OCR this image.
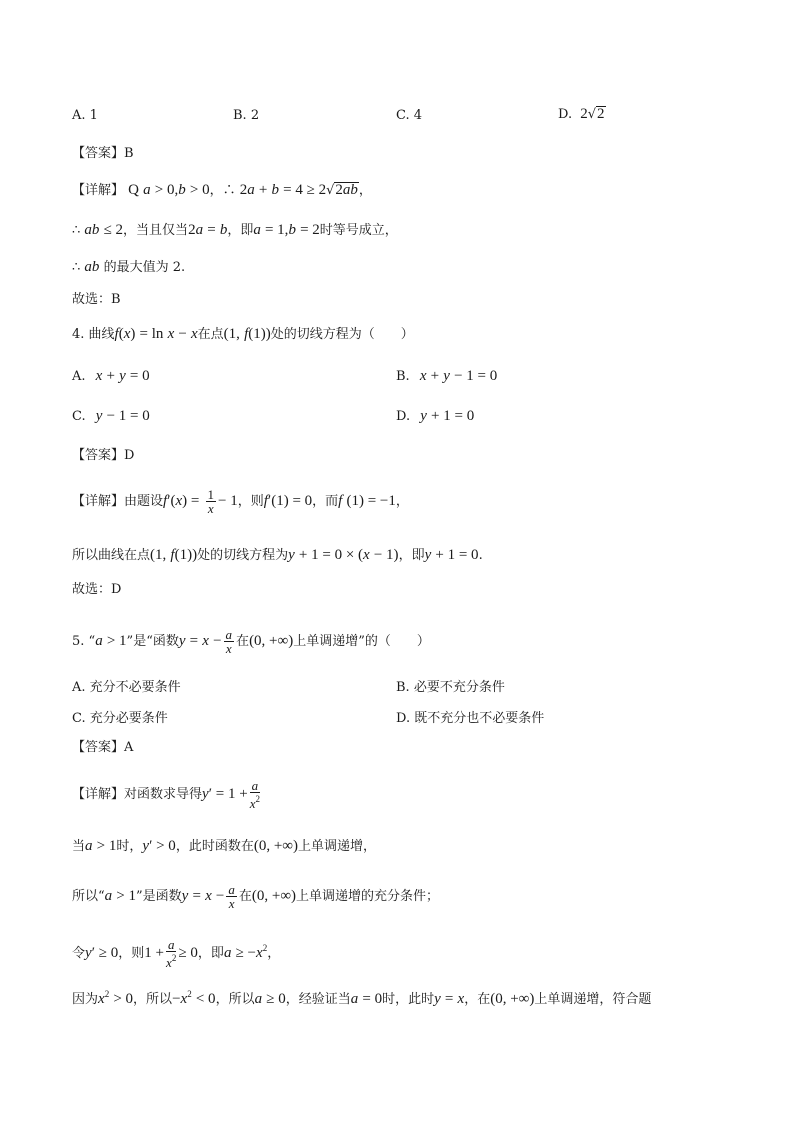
A. 1	B. 2	C. 4	D. 2√2
【答案】B
【详解】 Q a > 0,b > 0，∴ 2a + b = 4 ≥ 2√2ab，
∴ ab ≤ 2，当且仅当2a = b，即a = 1,b = 2时等号成立，
∴ ab 的最大值为 2.
故选：B
4. 曲线f(x) = ln x − x在点(1, f(1))处的切线方程为（　　）
A. x + y = 0	B. x + y − 1 = 0
C. y − 1 = 0	D. y + 1 = 0
【答案】D
【详解】由题设$f'(x) = \frac{1}{x} - 1$，则f′(1) = 0，而f (1) = −1，
所以曲线在点(1, f(1))处的切线方程为y + 1 = 0 × (x − 1)，即y + 1 = 0.
故选：D
5. “a > 1”是“函数$y = x - \frac{a}{x}$ 在(0, +∞)上单调递增”的（　　）
A. 充分不必要条件	B. 必要不充分条件
C. 充分必要条件	D. 既不充分也不必要条件
【答案】A
【详解】对函数求导得$y' = 1 + \frac{a}{x^2}$
当a > 1时，y′ > 0，此时函数在(0, +∞)上单调递增，
所以“a > 1”是函数$y = x - \frac{a}{x}$ 在(0, +∞)上单调递增的充分条件；
令y′ ≥ 0，则$1 + \frac{a}{x^2} \ge 0$，即$a \ge -x^2$，
因为$x^2 > 0$，所以$-x^2 < 0$，所以a ≥ 0，经验证当a = 0时，此时y = x，在(0, +∞)上单调递增，符合题
